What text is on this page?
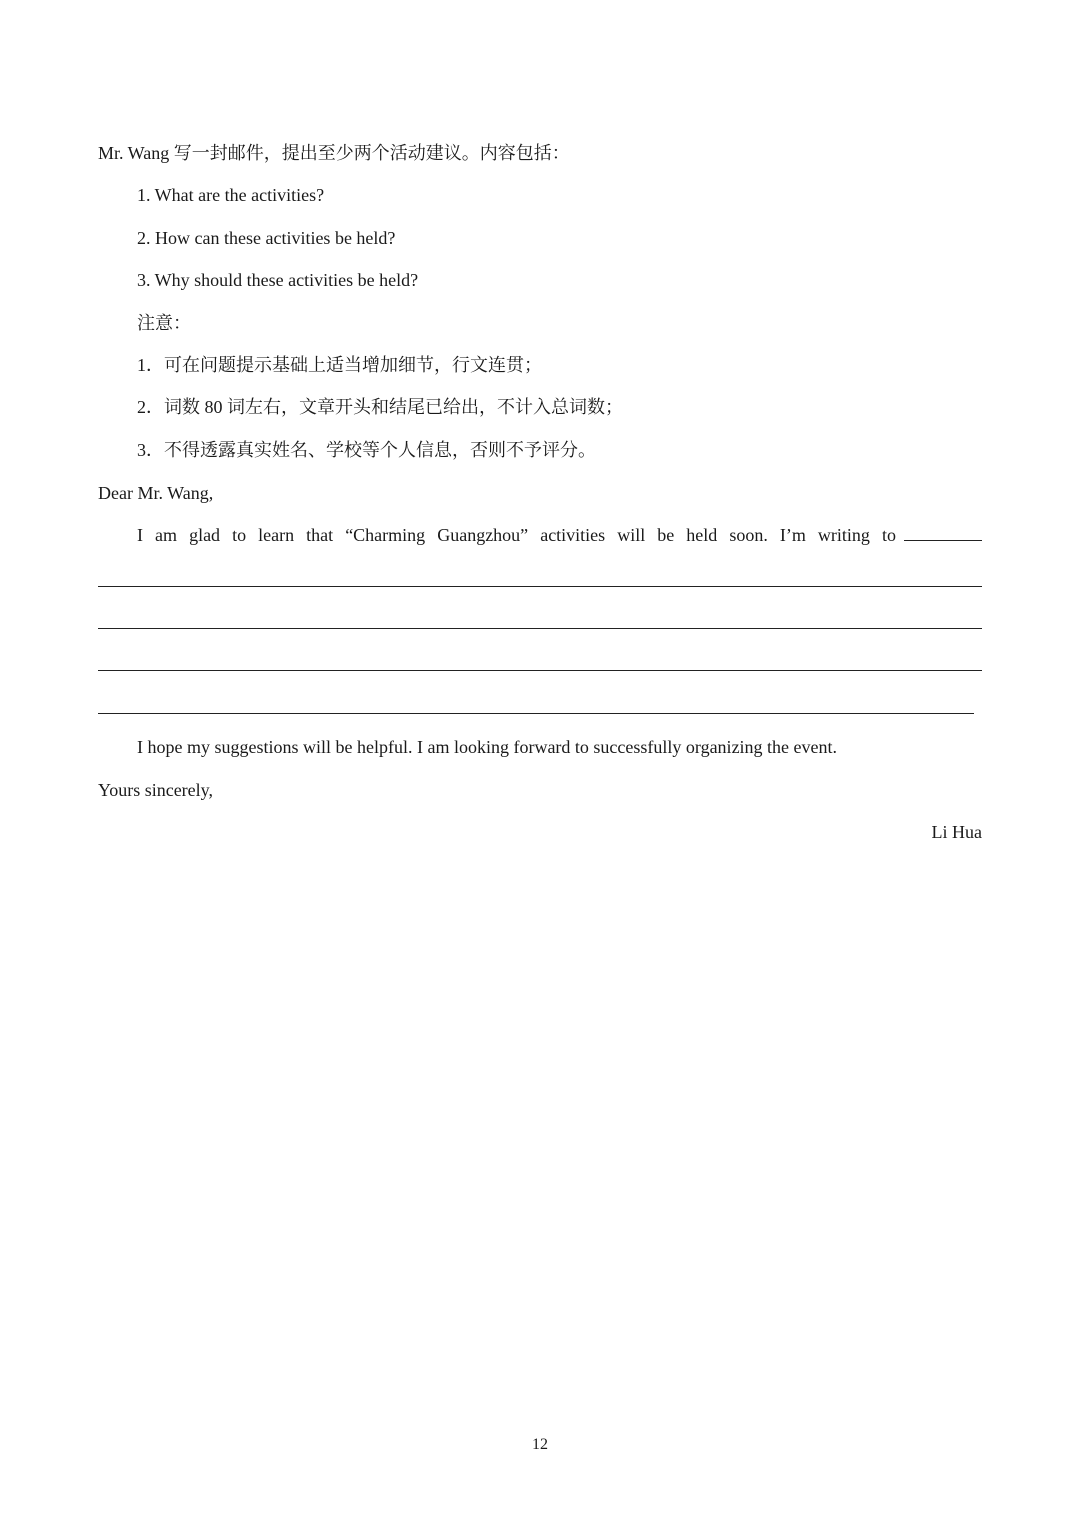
Mr. Wang 写一封邮件，提出至少两个活动建议。内容包括：
1. What are the activities?
2. How can these activities be held?
3. Why should these activities be held?
注意：
1．可在问题提示基础上适当增加细节，行文连贯；
2．词数 80 词左右，文章开头和结尾已给出，不计入总词数；
3．不得透露真实姓名、学校等个人信息，否则不予评分。
Dear Mr. Wang,
I am glad to learn that “Charming Guangzhou” activities will be held soon. I’m writing to
I hope my suggestions will be helpful. I am looking forward to successfully organizing the event.
Yours sincerely,
Li Hua
12
